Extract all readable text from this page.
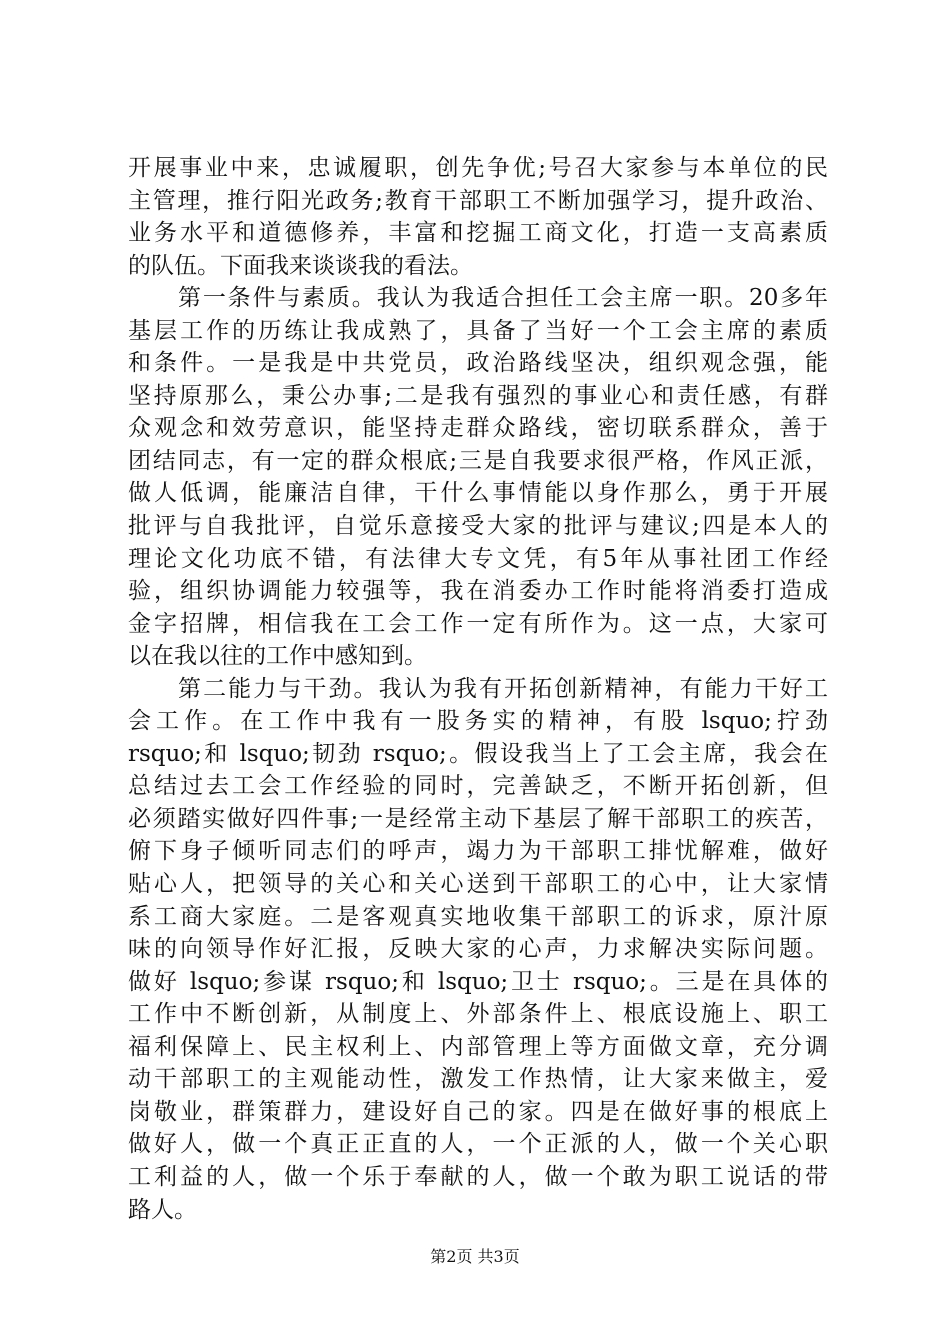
开展事业中来，忠诚履职，创先争优;号召大家参与本单位的民
主管理，推行阳光政务;教育干部职工不断加强学习，提升政治、
业务水平和道德修养，丰富和挖掘工商文化，打造一支高素质
的队伍。下面我来谈谈我的看法。
第一条件与素质。我认为我适合担任工会主席一职。20多年
基层工作的历练让我成熟了，具备了当好一个工会主席的素质
和条件。一是我是中共党员，政治路线坚决，组织观念强，能
坚持原那么，秉公办事;二是我有强烈的事业心和责任感，有群
众观念和效劳意识，能坚持走群众路线，密切联系群众，善于
团结同志，有一定的群众根底;三是自我要求很严格，作风正派，
做人低调，能廉洁自律，干什么事情能以身作那么，勇于开展
批评与自我批评，自觉乐意接受大家的批评与建议;四是本人的
理论文化功底不错，有法律大专文凭，有5年从事社团工作经
验，组织协调能力较强等，我在消委办工作时能将消委打造成
金字招牌，相信我在工会工作一定有所作为。这一点，大家可
以在我以往的工作中感知到。
第二能力与干劲。我认为我有开拓创新精神，有能力干好工
会工作。在工作中我有一股务实的精神，有股 lsquo;拧劲
rsquo;和 lsquo;韧劲 rsquo;。假设我当上了工会主席，我会在
总结过去工会工作经验的同时，完善缺乏，不断开拓创新，但
必须踏实做好四件事;一是经常主动下基层了解干部职工的疾苦，
俯下身子倾听同志们的呼声，竭力为干部职工排忧解难，做好
贴心人，把领导的关心和关心送到干部职工的心中，让大家情
系工商大家庭。二是客观真实地收集干部职工的诉求，原汁原
味的向领导作好汇报，反映大家的心声，力求解决实际问题。
做好 lsquo;参谋 rsquo;和 lsquo;卫士 rsquo;。三是在具体的
工作中不断创新，从制度上、外部条件上、根底设施上、职工
福利保障上、民主权利上、内部管理上等方面做文章，充分调
动干部职工的主观能动性，激发工作热情，让大家来做主，爱
岗敬业，群策群力，建设好自己的家。四是在做好事的根底上
做好人，做一个真正正直的人，一个正派的人，做一个关心职
工利益的人，做一个乐于奉献的人，做一个敢为职工说话的带
路人。
第2页 共3页
